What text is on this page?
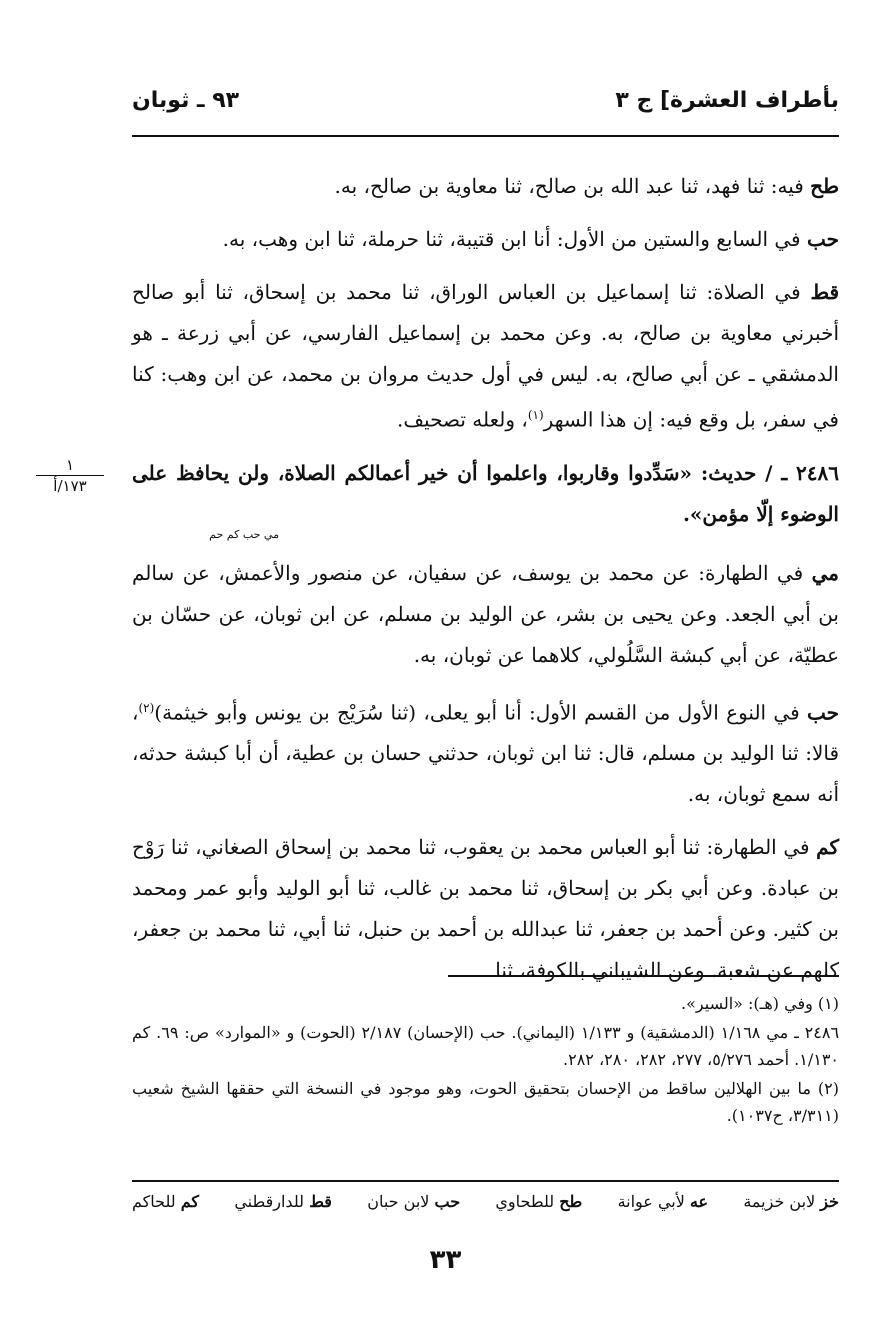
بأطراف العشرة] ج ٣
٩٣ ـ ثوبان

طح فيه: ثنا فهد، ثنا عبد الله بن صالح، ثنا معاوية بن صالح، به.

حب في السابع والستين من الأول: أنا ابن قتيبة، ثنا حرملة، ثنا ابن وهب، به.

قط في الصلاة: ثنا إسماعيل بن العباس الوراق، ثنا محمد بن إسحاق، ثنا أبو صالح أخبرني معاوية بن صالح، به. وعن محمد بن إسماعيل الفارسي، عن أبي زرعة ـ هو الدمشقي ـ عن أبي صالح، به. ليس في أول حديث مروان بن محمد، عن ابن وهب: كنا في سفر، بل وقع فيه: إن هذا السهر$^{(١)}$، ولعله تصحيف.

٢٤٨٦ ـ / حديث: «سَدِّدوا وقاربوا، واعلموا أن خير أعمالكم الصلاة، ولن يحافظ على الوضوء إلّا مؤمن».
مي حب كم حم

مي في الطهارة: عن محمد بن يوسف، عن سفيان، عن منصور والأعمش، عن سالم بن أبي الجعد. وعن يحيى بن بشر، عن الوليد بن مسلم، عن ابن ثوبان، عن حسّان بن عطيّة، عن أبي كبشة السَّلُولي، كلاهما عن ثوبان، به.

حب في النوع الأول من القسم الأول: أنا أبو يعلى، (ثنا سُرَيْج بن يونس وأبو خيثمة)$^{(٢)}$، قالا: ثنا الوليد بن مسلم، قال: ثنا ابن ثوبان، حدثني حسان بن عطية، أن أبا كبشة حدثه، أنه سمع ثوبان، به.

كم في الطهارة: ثنا أبو العباس محمد بن يعقوب، ثنا محمد بن إسحاق الصغاني، ثنا رَوْح بن عبادة. وعن أبي بكر بن إسحاق، ثنا محمد بن غالب، ثنا أبو الوليد وأبو عمر ومحمد بن كثير. وعن أحمد بن جعفر، ثنا عبدالله بن أحمد بن حنبل، ثنا أبي، ثنا محمد بن جعفر، كلهم عن شعبة. وعن الشيباني بالكوفة، ثنا

١
١٧٣/أ

(١) وفي (هـ): «السير».

٢٤٨٦ ـ مي ١/١٦٨ (الدمشقية) و ١/١٣٣ (اليماني). حب (الإحسان) ٢/١٨٧ (الحوت) و «الموارد» ص: ٦٩. كم ١/١٣٠. أحمد ٥/٢٧٦، ٢٧٧، ٢٨٢، ٢٨٠، ٢٨٢.

(٢) ما بين الهلالين ساقط من الإحسان بتحقيق الحوت، وهو موجود في النسخة التي حققها الشيخ شعيب (٣/٣١١، ح١٠٣٧).

خز لابن خزيمة
عه لأبي عوانة
طح للطحاوي
حب لابن حبان
قط للدارقطني
كم للحاكم
٣٣
